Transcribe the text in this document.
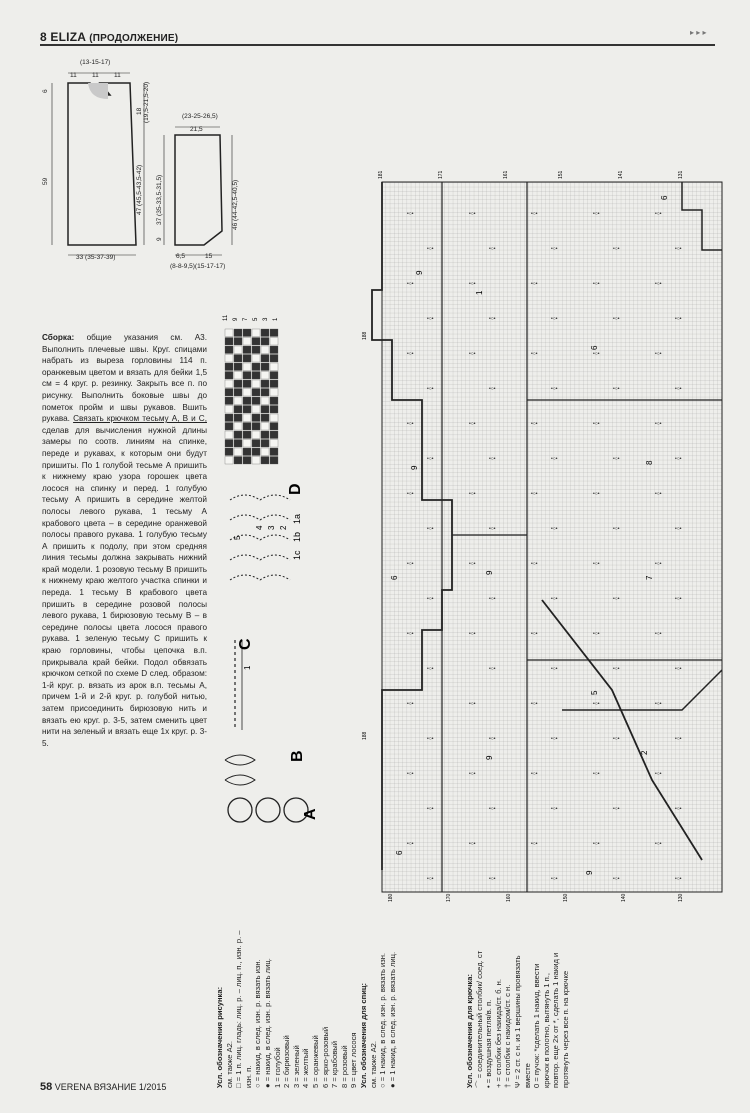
8 ELIZA (ПРОДОЛЖЕНИЕ)
▸ ▸ ▸
(13-15-17)
11 11 11
6
59
18 (19,5-21,5-20)
47 (45,5-43,5-42)
33 (35-37-39)
(23-25-26,5)
21,5
9
37 (35-33,5-31,5)	46 (44-42,5-40,5)
6,5	15
(8-8-9,5)(15-17-17)
Сборка: общие указания см. А3. Выполнить плечевые швы. Круг. спицами набрать из выреза горловины 114 п. оранжевым цветом и вязать для бейки 1,5 см = 4 круг. р. резинку. Закрыть все п. по рисунку. Выполнить боковые швы до пометок пройм и швы рукавов. Вшить рукава. Связать крючком тесьму А, В и С, сделав для вычисления нужной длины замеры по соотв. линиям на спинке, переде и рукавах, к которым они будут пришиты. По 1 голубой тесьме А пришить к нижнему краю узора горошек цвета лосося на спинку и перед. 1 голубую тесьму А пришить в середине желтой полосы левого рукава, 1 тесьму А крабового цвета – в середине оранжевой полосы правого рукава. 1 голубую тесьму А пришить к подолу, при этом средняя линия тесьмы должна закрывать нижний край модели. 1 розовую тесьму В пришить к нижнему краю желтого участка спинки и переда. 1 тесьму В крабового цвета пришить в середине розовой полосы левого рукава, 1 бирюзовую тесьму В – в середине полосы цвета лосося правого рукава. 1 зеленую тесьму С пришить к краю горловины, чтобы цепочка в.п. прикрывала край бейки. Подол обвязать крючком сеткой по схеме D след. образом: 1-й круг. р. вязать из арок в.п. тесьмы А, причем 1-й и 2-й круг. р. голубой нитью, затем присоединить бирюзовую нить и вязать ею круг. р. 3-5, затем сменить цвет нити на зеленый и вязать еще 1х круг. р. 3-5.
11 9 7 5 3 1
D
1a
1b
1c
2
3
4
5
C
1
B
A
•○•	•○•	•○•	•○•	•○•
•○•	•○•	•○•	•○•	•○•
•○•	•○•	•○•	•○•	•○•
•○•	•○•	•○•	•○•	•○•
•○•	•○•	•○•	•○•	•○•
•○•	•○•	•○•	•○•	•○•
•○•	•○•	•○•	•○•	•○•
•○•	•○•	•○•	•○•	•○•
•○•	•○•	•○•	•○•	•○•
•○•	•○•	•○•	•○•	•○•
•○•	•○•	•○•	•○•	•○•
•○•	•○•	•○•	•○•	•○•
•○•	•○•	•○•	•○•	•○•
•○•	•○•	•○•	•○•	•○•
•○•	•○•	•○•	•○•	•○•
•○•	•○•	•○•	•○•	•○•
•○•	•○•	•○•	•○•	•○•
•○•	•○•	•○•	•○•	•○•
•○•	•○•	•○•	•○•	•○•
•○•	•○•	•○•	•○•	•○•
181	171	161	151	141	131
180	170	160	150	140	130
188
188
9
1
6
9
6
8
6	7
9
5
9
6
9
2
Усл. обозначения рисунка: см. также А2. □ = 1 п. лиц. гладь: лиц. р. – лиц. п., изн. р. – изн. п. ○ = накид, в след. изн. р. вязать изн. ● = накид, в след. изн. р. вязать лиц. 1 = голубой 2 = бирюзовый 3 = зеленый 4 = желтый 5 = оранжевый 6 = ярко-розовый 7 = крабовый 8 = розовый 9 = цвет лосося Усл. обозначения для спиц: см. также А2. ○ = 1 накид, в след. изн. р. вязать изн. ● = 1 накид, в след. изн. р. вязать лиц.	Усл. обозначения для крючка: ⌒ = соединительный столбик/ соед. ст • = воздушная петля/в. п. + = столбик без накида/ст. б. н. † = столбик с накидом/ст. с н. Ψ = 2 ст. с н. из 1 вершины провязать вместе 0 = пучок: *сделать 1 накид, ввести крючок в полотно, вытянуть 1 п., повтор. еще 2х от *, сделать 1 накид и протянуть через все п. на крючке
58 VERENA ВЯЗАНИЕ 1/2015
